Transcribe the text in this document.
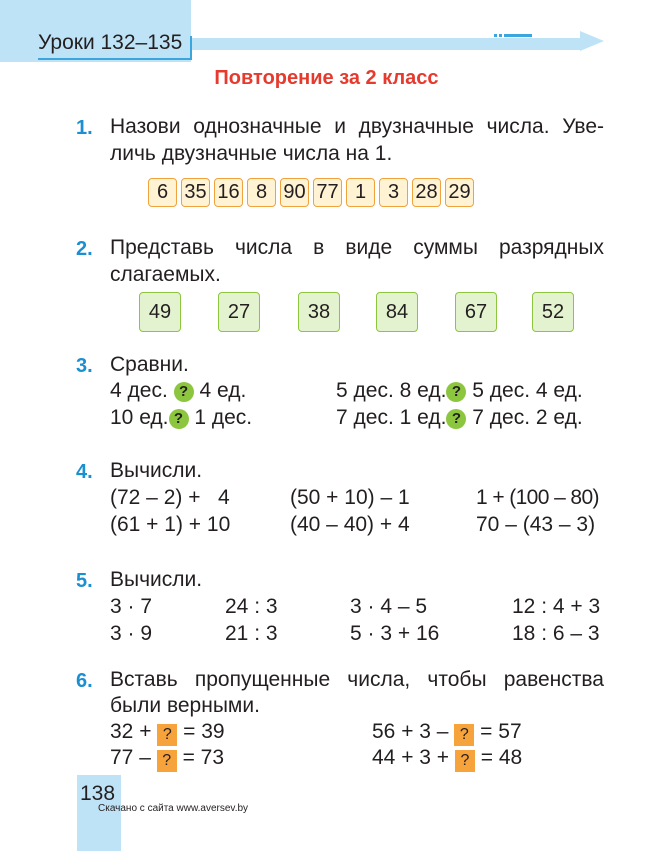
Уроки 132–135
Повторение за 2 класс
1. Назови однозначные и двузначные числа. Уве-
личь двузначные числа на 1.
6 35 16 8 90 77 1	3 28 29
2. Представь числа в виде суммы разрядных
слагаемых.
49	27	38	84	67	52
3. Сравни.
4 дес. ? 4 ед.	5 дес. 8 ед. ? 5 дес. 4 ед.
10 ед. ? 1 дес.	7 дес. 1 ед. ? 7 дес. 2 ед.
4. Вычисли.
(72 – 2) +   4	(50 + 10) – 1	1 + (100 – 80)
(61 + 1) + 10	(40 – 40) + 4	70 – (43 – 3)
5. Вычисли.
3 · 7	24 : 3	3 · 4 – 5	12 : 4 + 3
3 · 9	21 : 3	5 · 3 + 16	18 : 6 – 3
6. Вставь пропущенные числа, чтобы равенства
были верными.
32 + ? = 39	56 + 3 – ? = 57
77 – ? = 73	44 + 3 + ? = 48
138
Скачано с сайта www.aversev.by
